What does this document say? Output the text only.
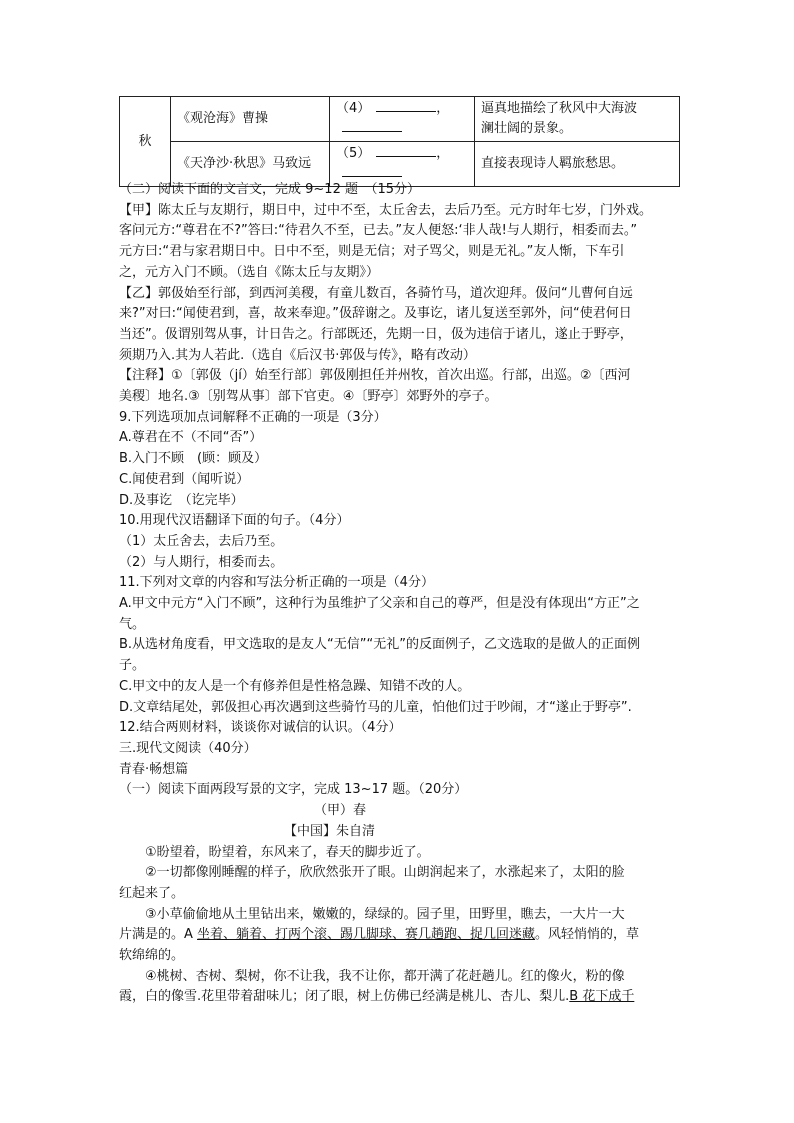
秋	《观沧海》曹操	（4） ，	逼真地描绘了秋风中大海波
澜壮阔的景象。

	《天净沙·秋思》马致远	（5） ，	直接表现诗人羁旅愁思。
（二）阅读下面的文言文，完成 9~12 题　（15分）
【甲】陈太丘与友期行，期日中，过中不至，太丘舍去，去后乃至。元方时年七岁，门外戏。
客问元方:“尊君在不?”答曰:“待君久不至，已去。”友人便怒:‘非人哉!与人期行，相委而去。”
元方曰:“君与家君期日中。日中不至，则是无信；对子骂父，则是无礼。”友人惭，下车引
之，元方入门不顾。（选自《陈太丘与友期》）
【乙】郭伋始至行部，到西河美稷，有童儿数百，各骑竹马，道次迎拜。伋问“儿曹何自远
来?”对曰:“闻使君到，喜，故来奉迎。”伋辞谢之。及事讫，诸儿复送至郭外，问“使君何日
当还”。伋谓别驾从事，计日告之。行部既还，先期一日，伋为违信于诸儿，遂止于野亭，
须期乃入.其为人若此.（选自《后汉书·郭伋与传》，略有改动）
【注释】①〔郭伋（jí）始至行部〕郭伋刚担任并州牧，首次出巡。行部，出巡。②〔西河
美稷〕地名.③〔别驾从事〕部下官吏。④〔野亭〕郊野外的亭子。
9.下列选项加点词解释不正确的一项是（3分）
A.尊君在不（不同“否”）
B.入门不顾　(顾：顾及）
C.闻使君到（闻听说）
D.及事讫　（讫完毕）
10.用现代汉语翻译下面的句子。（4分）
（1）太丘舍去，去后乃至。
（2）与人期行，相委而去。
11.下列对文章的内容和写法分析正确的一项是（4分）
A.甲文中元方“入门不顾”，这种行为虽维护了父亲和自己的尊严，但是没有体现出“方正”之
气。
B.从选材角度看，甲文选取的是友人“无信”“无礼”的反面例子，乙文选取的是做人的正面例
子。
C.甲文中的友人是一个有修养但是性格急躁、知错不改的人。
D.文章结尾处，郭伋担心再次遇到这些骑竹马的儿童，怕他们过于吵闹，才“遂止于野亭”.
12.结合两则材料，谈谈你对诚信的认识。（4分）
三.现代文阅读（40分）
青春·畅想篇
（一）阅读下面两段写景的文字，完成 13~17 题。（20分）
（甲）春
【中国】朱自清
①盼望着，盼望着，东风来了，春天的脚步近了。
②一切都像刚睡醒的样子，欣欣然张开了眼。山朗润起来了，水涨起来了，太阳的脸
红起来了。
③小草偷偷地从土里钻出来，嫩嫩的，绿绿的。园子里，田野里，瞧去，一大片一大
片满是的。A 坐着、躺着、打两个滚、踢几脚球、赛几趟跑、捉几回迷藏。风轻悄悄的，草
软绵绵的。
④桃树、杏树、梨树，你不让我，我不让你，都开满了花赶趟儿。红的像火，粉的像
霞，白的像雪.花里带着甜味儿；闭了眼，树上仿佛已经满是桃儿、杏儿、梨儿.B 花下成千
